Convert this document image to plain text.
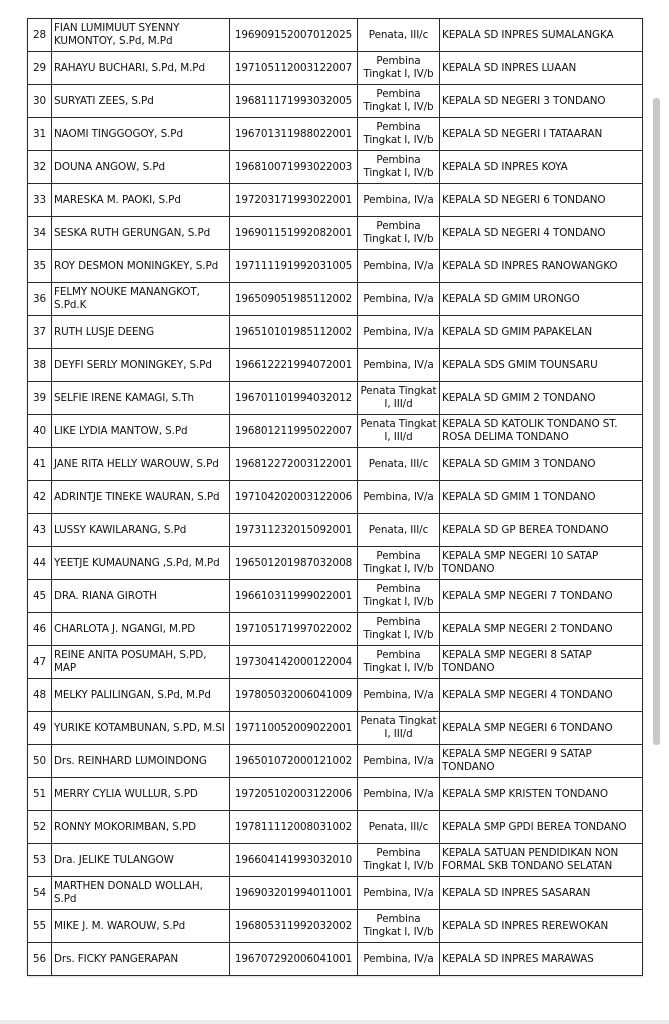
28	FIAN LUMIMUUT SYENNY KUMONTOY, S.Pd, M.Pd	196909152007012025	Penata, III/c	KEPALA SD INPRES SUMALANGKA
29	RAHAYU BUCHARI, S.Pd, M.Pd	197105112003122007	Pembina Tingkat I, IV/b	KEPALA SD INPRES LUAAN
30	SURYATI ZEES, S.Pd	196811171993032005	Pembina Tingkat I, IV/b	KEPALA SD NEGERI 3 TONDANO
31	NAOMI TINGGOGOY, S.Pd	196701311988022001	Pembina Tingkat I, IV/b	KEPALA SD NEGERI I TATAARAN
32	DOUNA ANGOW, S.Pd	196810071993022003	Pembina Tingkat I, IV/b	KEPALA SD INPRES KOYA
33	MARESKA M. PAOKI, S.Pd	197203171993022001	Pembina, IV/a	KEPALA SD NEGERI 6 TONDANO
34	SESKA RUTH GERUNGAN, S.Pd	196901151992082001	Pembina Tingkat I, IV/b	KEPALA SD NEGERI 4 TONDANO
35	ROY DESMON MONINGKEY, S.Pd	197111191992031005	Pembina, IV/a	KEPALA SD INPRES RANOWANGKO
36	FELMY NOUKE MANANGKOT, S.Pd.K	196509051985112002	Pembina, IV/a	KEPALA SD GMIM URONGO
37	RUTH LUSJE DEENG	196510101985112002	Pembina, IV/a	KEPALA SD GMIM PAPAKELAN
38	DEYFI SERLY MONINGKEY, S.Pd	196612221994072001	Pembina, IV/a	KEPALA SDS GMIM TOUNSARU
39	SELFIE IRENE KAMAGI, S.Th	196701101994032012	Penata Tingkat I, III/d	KEPALA SD GMIM 2 TONDANO
40	LIKE LYDIA MANTOW, S.Pd	196801211995022007	Penata Tingkat I, III/d	KEPALA SD KATOLIK TONDANO ST. ROSA DELIMA TONDANO
41	JANE RITA HELLY WAROUW, S.Pd	196812272003122001	Penata, III/c	KEPALA SD GMIM 3 TONDANO
42	ADRINTJE TINEKE WAURAN, S.Pd	197104202003122006	Pembina, IV/a	KEPALA SD GMIM 1 TONDANO
43	LUSSY KAWILARANG, S.Pd	197311232015092001	Penata, III/c	KEPALA SD GP BEREA TONDANO
44	YEETJE KUMAUNANG ,S.Pd, M.Pd	196501201987032008	Pembina Tingkat I, IV/b	KEPALA SMP NEGERI 10 SATAP TONDANO
45	DRA. RIANA GIROTH	196610311999022001	Pembina Tingkat I, IV/b	KEPALA SMP NEGERI 7 TONDANO
46	CHARLOTA J. NGANGI, M.PD	197105171997022002	Pembina Tingkat I, IV/b	KEPALA SMP NEGERI 2 TONDANO
47	REINE ANITA POSUMAH, S.PD, MAP	197304142000122004	Pembina Tingkat I, IV/b	KEPALA SMP NEGERI 8 SATAP TONDANO
48	MELKY PALILINGAN, S.Pd, M.Pd	197805032006041009	Pembina, IV/a	KEPALA SMP NEGERI 4 TONDANO
49	YURIKE KOTAMBUNAN, S.PD, M.SI	197110052009022001	Penata Tingkat I, III/d	KEPALA SMP NEGERI 6 TONDANO
50	Drs. REINHARD LUMOINDONG	196501072000121002	Pembina, IV/a	KEPALA SMP NEGERI 9 SATAP TONDANO
51	MERRY CYLIA WULLUR, S.PD	197205102003122006	Pembina, IV/a	KEPALA SMP KRISTEN TONDANO
52	RONNY MOKORIMBAN, S.PD	197811112008031002	Penata, III/c	KEPALA SMP GPDI BEREA TONDANO
53	Dra. JELIKE TULANGOW	196604141993032010	Pembina Tingkat I, IV/b	KEPALA SATUAN PENDIDIKAN NON FORMAL SKB TONDANO SELATAN
54	MARTHEN DONALD WOLLAH, S.Pd	196903201994011001	Pembina, IV/a	KEPALA SD INPRES SASARAN
55	MIKE J. M. WAROUW, S.Pd	196805311992032002	Pembina Tingkat I, IV/b	KEPALA SD INPRES REREWOKAN
56	Drs. FICKY PANGERAPAN	196707292006041001	Pembina, IV/a	KEPALA SD INPRES MARAWAS
